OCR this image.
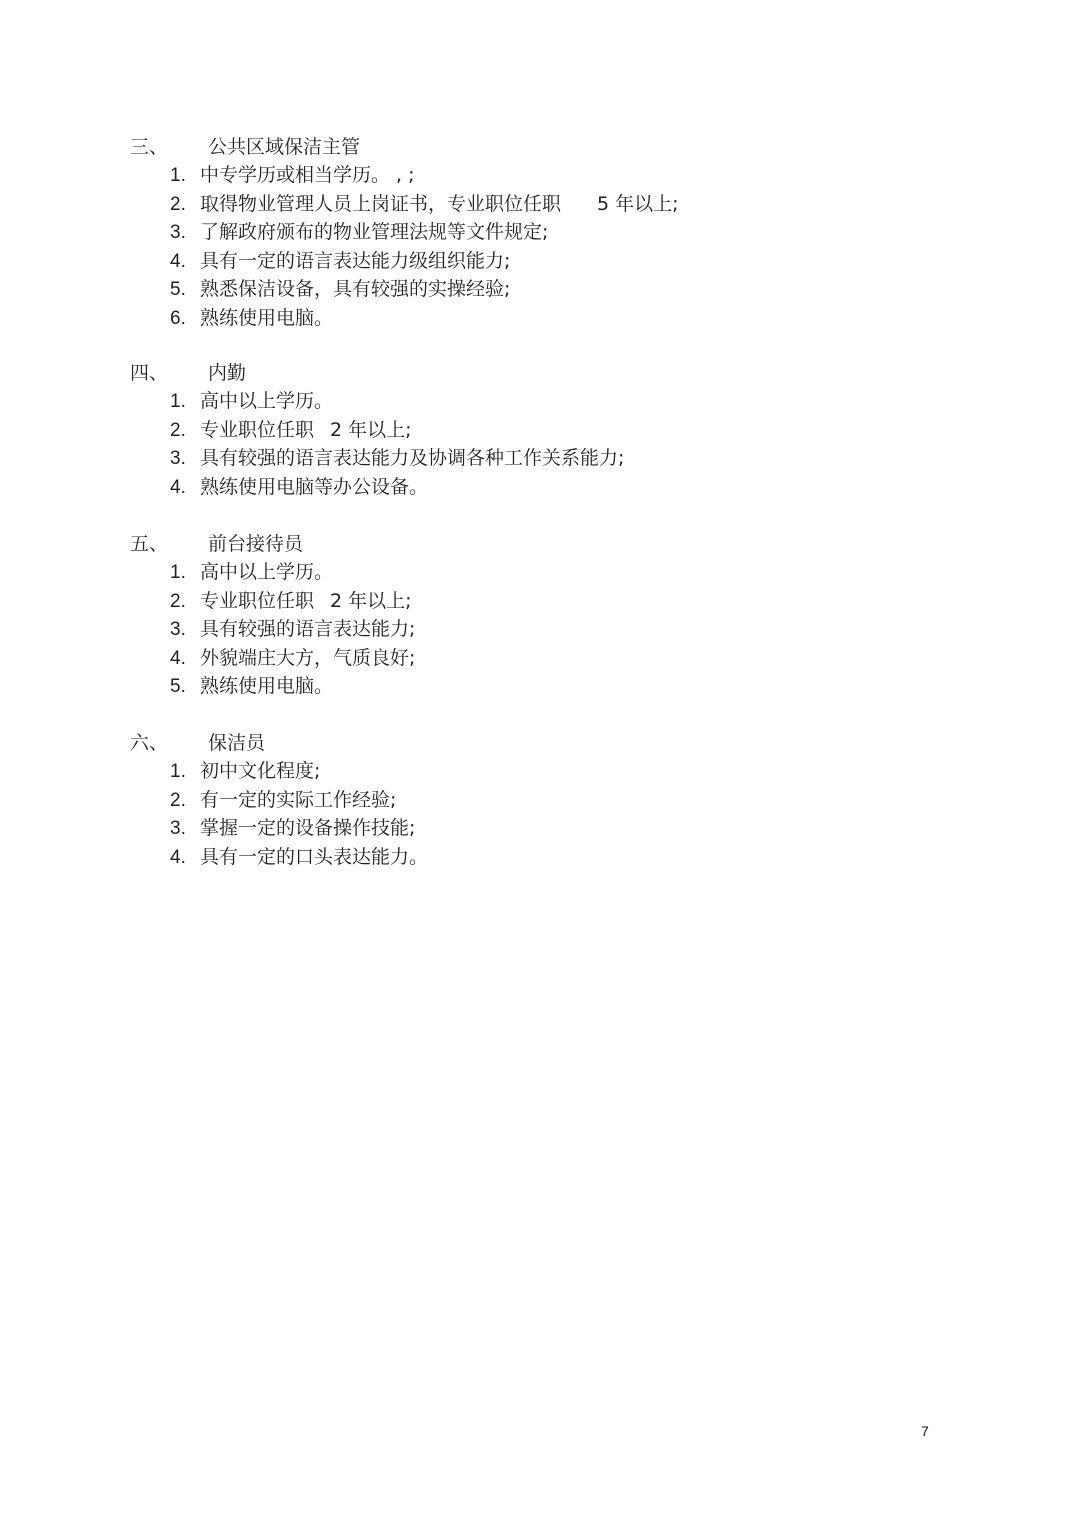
三、	公共区域保洁主管
1. 中专学历或相当学历。 , ;
2. 取得物业管理人员上岗证书，专业职位任职 5 年以上;
3. 了解政府颁布的物业管理法规等文件规定;
4. 具有一定的语言表达能力级组织能力;
5. 熟悉保洁设备，具有较强的实操经验;
6. 熟练使用电脑。
四、	内勤
1. 高中以上学历。
2. 专业职位任职 2 年以上;
3. 具有较强的语言表达能力及协调各种工作关系能力;
4. 熟练使用电脑等办公设备。
五、	前台接待员
1. 高中以上学历。
2. 专业职位任职 2 年以上;
3. 具有较强的语言表达能力;
4. 外貌端庄大方，气质良好;
5. 熟练使用电脑。
六、	保洁员
1. 初中文化程度;
2. 有一定的实际工作经验;
3. 掌握一定的设备操作技能;
4. 具有一定的口头表达能力。
7
